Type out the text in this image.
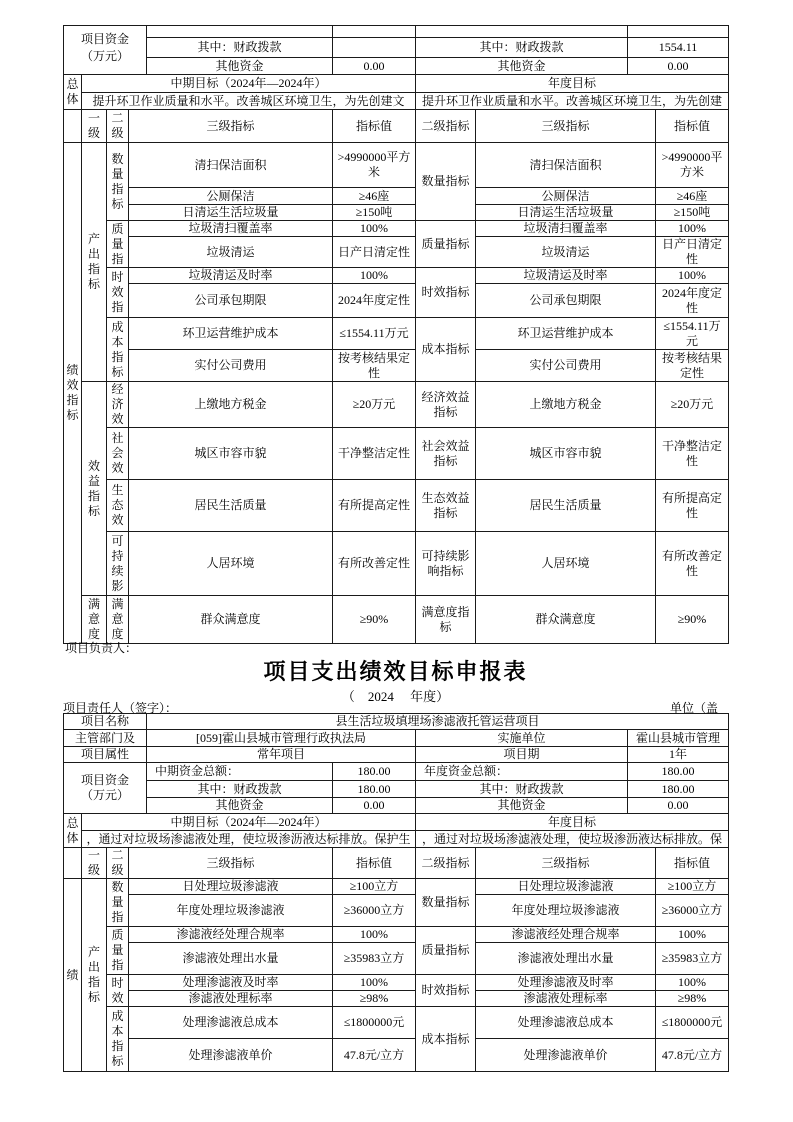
项目资金
（万元）				

	其中：财政拨款		其中：财政拨款	1554.11
	其他资金	0.00	其他资金	0.00
总体	中期目标（2024年—2024年）	年度目标
	提升环卫作业质量和水平。改善城区环境卫生，为先创建文	提升环卫作业质量和水平。改善城区环境卫生，为先创建
	一级	二级	三级指标	指标值	二级指标	三级指标	指标值
绩效指标	产出指标	数量指标	清扫保洁面积	>4990000平方米	数量指标	清扫保洁面积	>4990000平方米
			公厕保洁	≥46座		公厕保洁	≥46座
			日清运生活垃圾量	≥150吨		日清运生活垃圾量	≥150吨
		质量指	垃圾清扫覆盖率	100%	质量指标	垃圾清扫覆盖率	100%
			垃圾清运	日产日清定性		垃圾清运	日产日清定性
		时效指	垃圾清运及时率	100%	时效指标	垃圾清运及时率	100%
			公司承包期限	2024年度定性		公司承包期限	2024年度定性
		成本指标	环卫运营维护成本	≤1554.11万元	成本指标	环卫运营维护成本	≤1554.11万元
			实付公司费用	按考核结果定性		实付公司费用	按考核结果定性
	效益指标	经济效	上缴地方税金	≥20万元	经济效益指标	上缴地方税金	≥20万元
		社会效	城区市容市貌	干净整洁定性	社会效益指标	城区市容市貌	干净整洁定性
		生态效	居民生活质量	有所提高定性	生态效益指标	居民生活质量	有所提高定性
		可持续影	人居环境	有所改善定性	可持续影响指标	人居环境	有所改善定性
	满意度	满意度	群众满意度	≥90%	满意度指标	群众满意度	≥90%
项目负责人：
项目支出绩效目标申报表
（　2024　 年度）
项目责任人（签字）：	单位（盖
项目名称	县生活垃圾填埋场渗滤液托管运营项目
主管部门及	[059]霍山县城市管理行政执法局	实施单位	霍山县城市管理
项目属性	常年项目	项目期	1年
项目资金
（万元）	中期资金总额：	180.00	年度资金总额：	180.00
	其中：财政拨款	180.00	其中：财政拨款	180.00
	其他资金	0.00	其他资金	0.00
总体	中期目标（2024年—2024年）	年度目标
	，通过对垃圾场渗滤液处理，使垃圾渗沥液达标排放。保护生	，通过对垃圾场渗滤液处理，使垃圾渗沥液达标排放。保
	一级	二级	三级指标	指标值	二级指标	三级指标	指标值
绩	产出指标	数量指	日处理垃圾渗滤液	≥100立方	数量指标	日处理垃圾渗滤液	≥100立方
			年度处理垃圾渗滤液	≥36000立方		年度处理垃圾渗滤液	≥36000立方
		质量指	渗滤液经处理合规率	100%	质量指标	渗滤液经处理合规率	100%
			渗滤液处理出水量	≥35983立方		渗滤液处理出水量	≥35983立方
		时效	处理渗滤液及时率	100%	时效指标	处理渗滤液及时率	100%
			渗滤液处理标率	≥98%		渗滤液处理标率	≥98%
		成本指标	处理渗滤液总成本	≤1800000元	成本指标	处理渗滤液总成本	≤1800000元
			处理渗滤液单价	47.8元/立方		处理渗滤液单价	47.8元/立方
